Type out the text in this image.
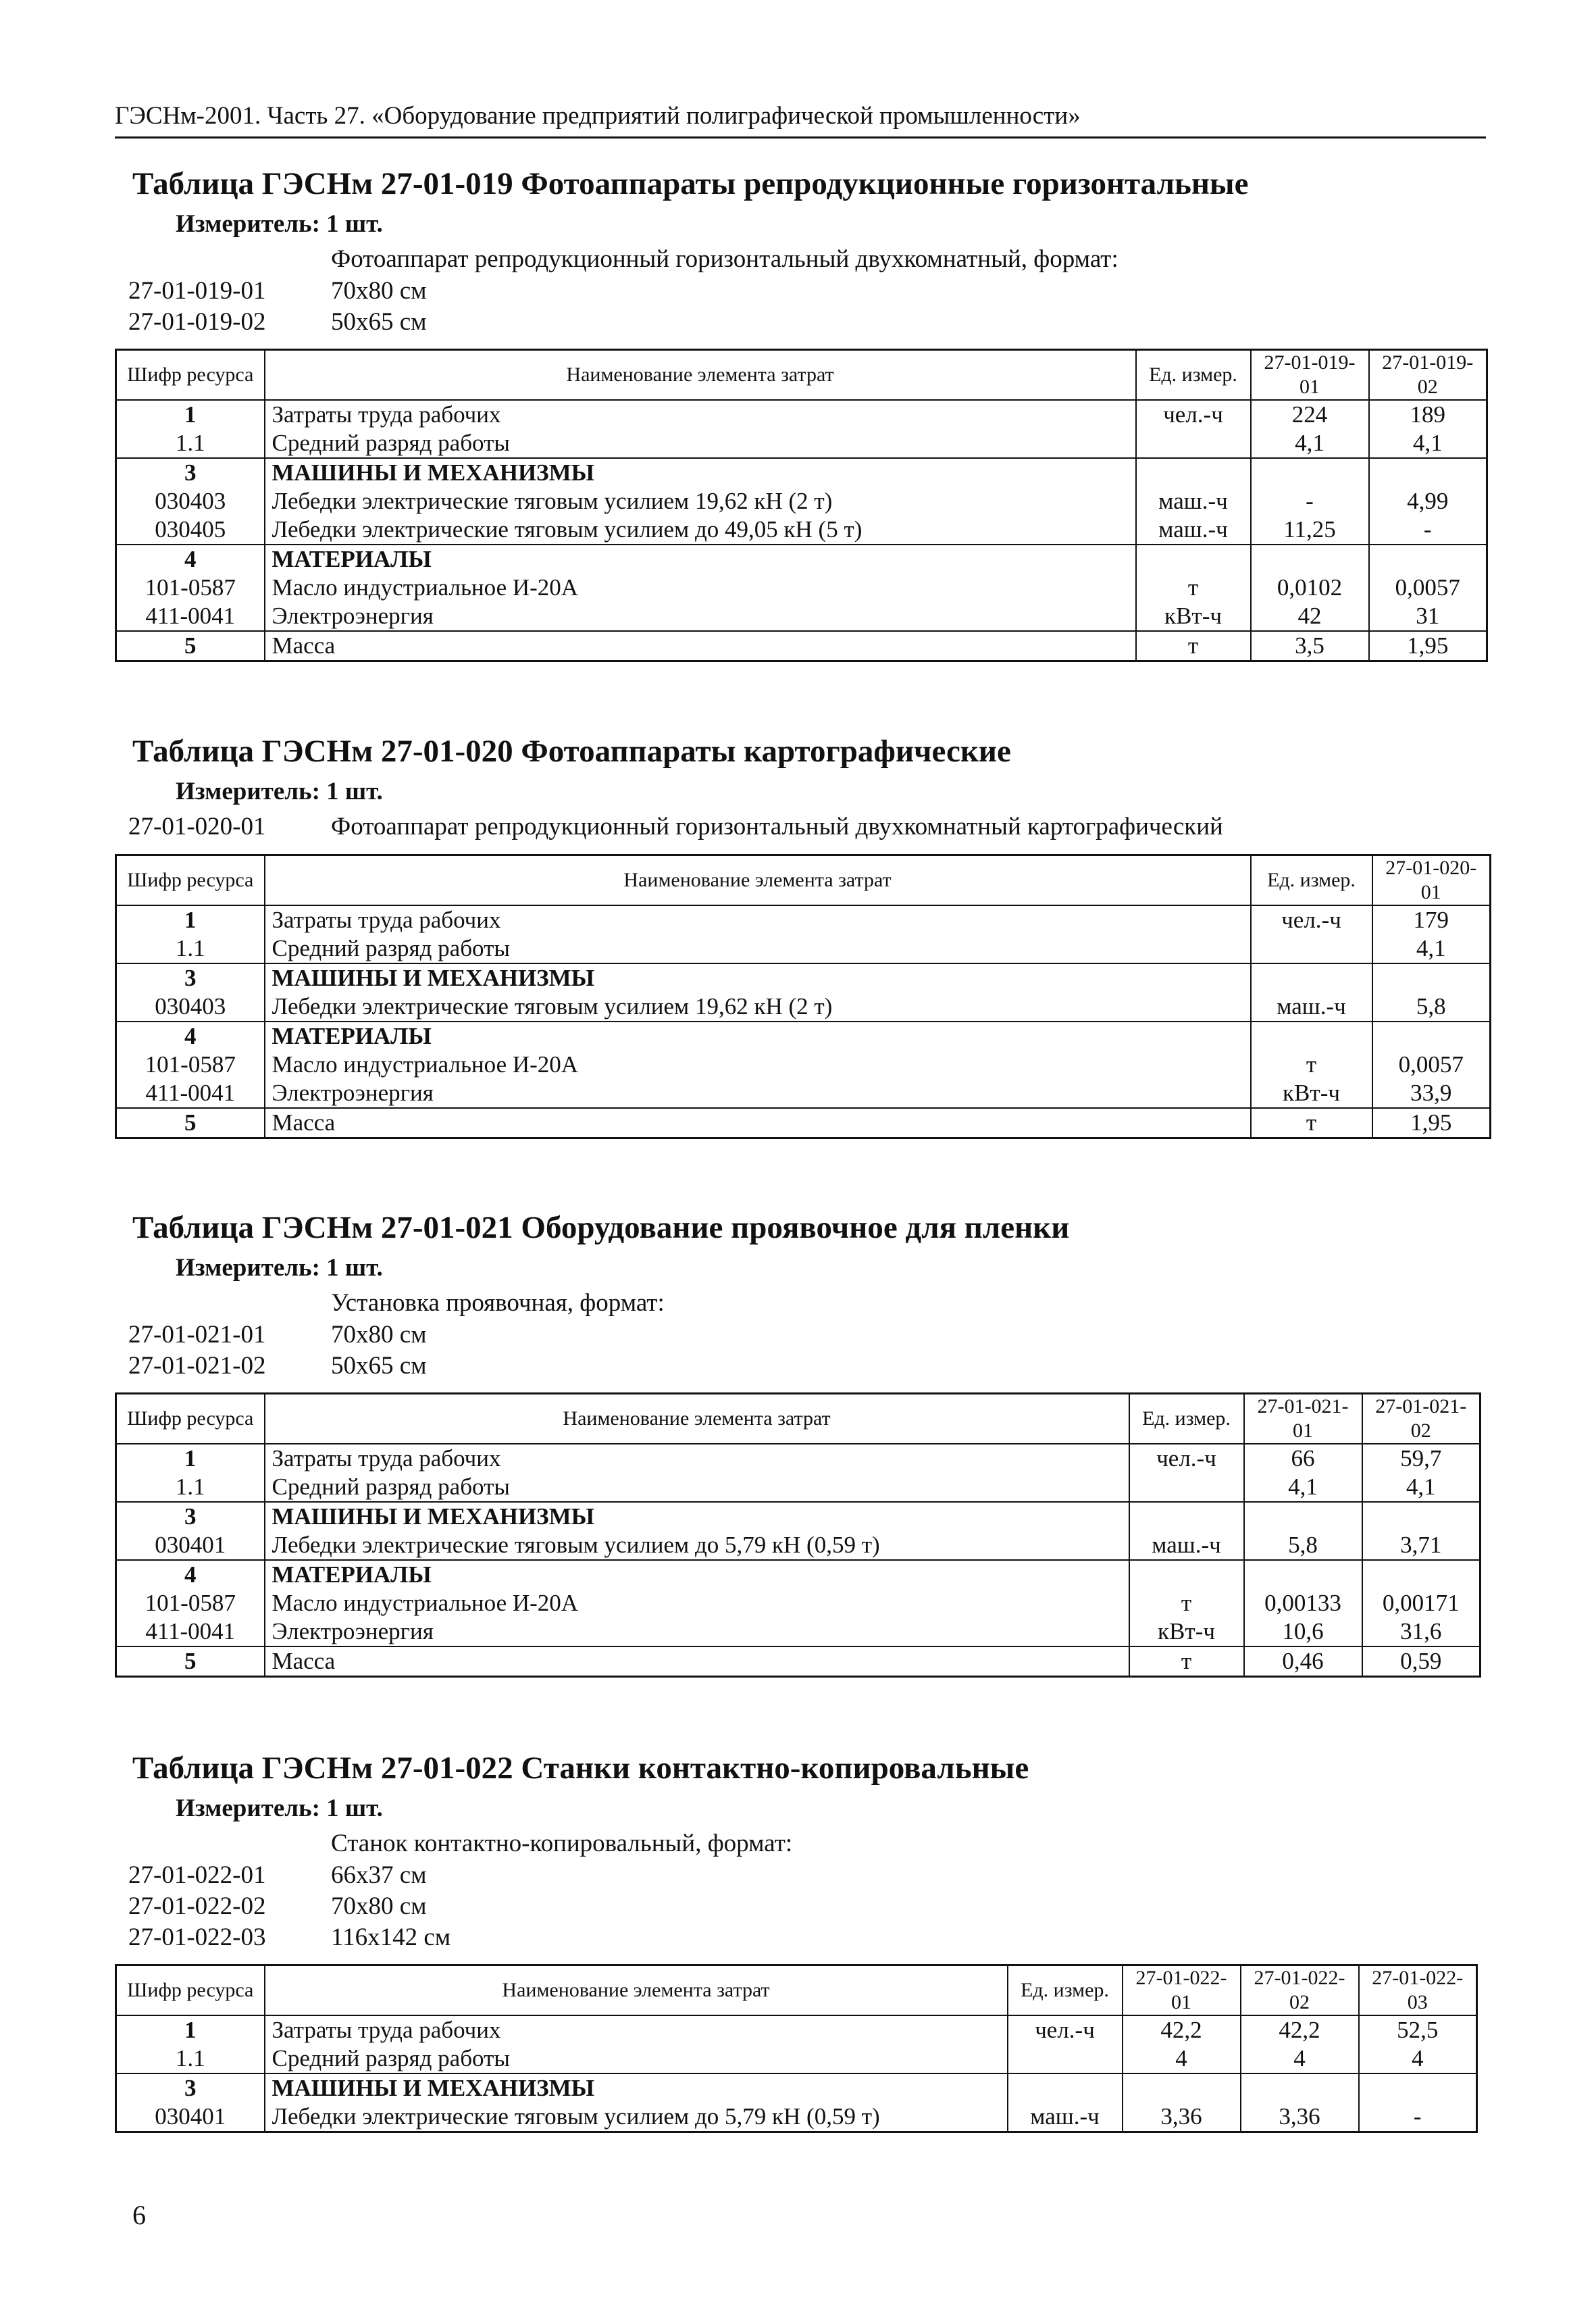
ГЭСНм-2001. Часть 27. «Оборудование предприятий полиграфической промышленности»
Таблица ГЭСНм 27-01-019 Фотоаппараты репродукционные горизонтальные
Измеритель: 1 шт.
Фотоаппарат репродукционный горизонтальный двухкомнатный, формат:
27-01-019-01	70х80 см
27-01-019-02	50х65 см
Шифр ресурса	Наименование элемента затрат	Ед. измер.	27-01-019-01	27-01-019-02
1	Затраты труда рабочих	чел.-ч	224	189
1.1	Средний разряд работы		4,1	4,1
3	МАШИНЫ И МЕХАНИЗМЫ			
030403	Лебедки электрические тяговым усилием 19,62 кН (2 т)	маш.-ч	-	4,99
030405	Лебедки электрические тяговым усилием до 49,05 кН (5 т)	маш.-ч	11,25	-
4	МАТЕРИАЛЫ			
101-0587	Масло индустриальное И-20А	т	0,0102	0,0057
411-0041	Электроэнергия	кВт-ч	42	31
5	Масса	т	3,5	1,95
Таблица ГЭСНм 27-01-020 Фотоаппараты картографические
Измеритель: 1 шт.
27-01-020-01	Фотоаппарат репродукционный горизонтальный двухкомнатный картографический
Шифр ресурса	Наименование элемента затрат	Ед. измер.	27-01-020-01
1	Затраты труда рабочих	чел.-ч	179
1.1	Средний разряд работы		4,1
3	МАШИНЫ И МЕХАНИЗМЫ		
030403	Лебедки электрические тяговым усилием 19,62 кН (2 т)	маш.-ч	5,8
4	МАТЕРИАЛЫ		
101-0587	Масло индустриальное И-20А	т	0,0057
411-0041	Электроэнергия	кВт-ч	33,9
5	Масса	т	1,95
Таблица ГЭСНм 27-01-021 Оборудование проявочное для пленки
Измеритель: 1 шт.
Установка проявочная, формат:
27-01-021-01	70х80 см
27-01-021-02	50х65 см
Шифр ресурса	Наименование элемента затрат	Ед. измер.	27-01-021-01	27-01-021-02
1	Затраты труда рабочих	чел.-ч	66	59,7
1.1	Средний разряд работы		4,1	4,1
3	МАШИНЫ И МЕХАНИЗМЫ			
030401	Лебедки электрические тяговым усилием до 5,79 кН (0,59 т)	маш.-ч	5,8	3,71
4	МАТЕРИАЛЫ			
101-0587	Масло индустриальное И-20А	т	0,00133	0,00171
411-0041	Электроэнергия	кВт-ч	10,6	31,6
5	Масса	т	0,46	0,59
Таблица ГЭСНм 27-01-022 Станки контактно-копировальные
Измеритель: 1 шт.
Станок контактно-копировальный, формат:
27-01-022-01	66х37 см
27-01-022-02	70х80 см
27-01-022-03	116х142 см
Шифр ресурса	Наименование элемента затрат	Ед. измер.	27-01-022-01	27-01-022-02	27-01-022-03
1	Затраты труда рабочих	чел.-ч	42,2	42,2	52,5
1.1	Средний разряд работы		4	4	4
3	МАШИНЫ И МЕХАНИЗМЫ				
030401	Лебедки электрические тяговым усилием до 5,79 кН (0,59 т)	маш.-ч	3,36	3,36	-
6
